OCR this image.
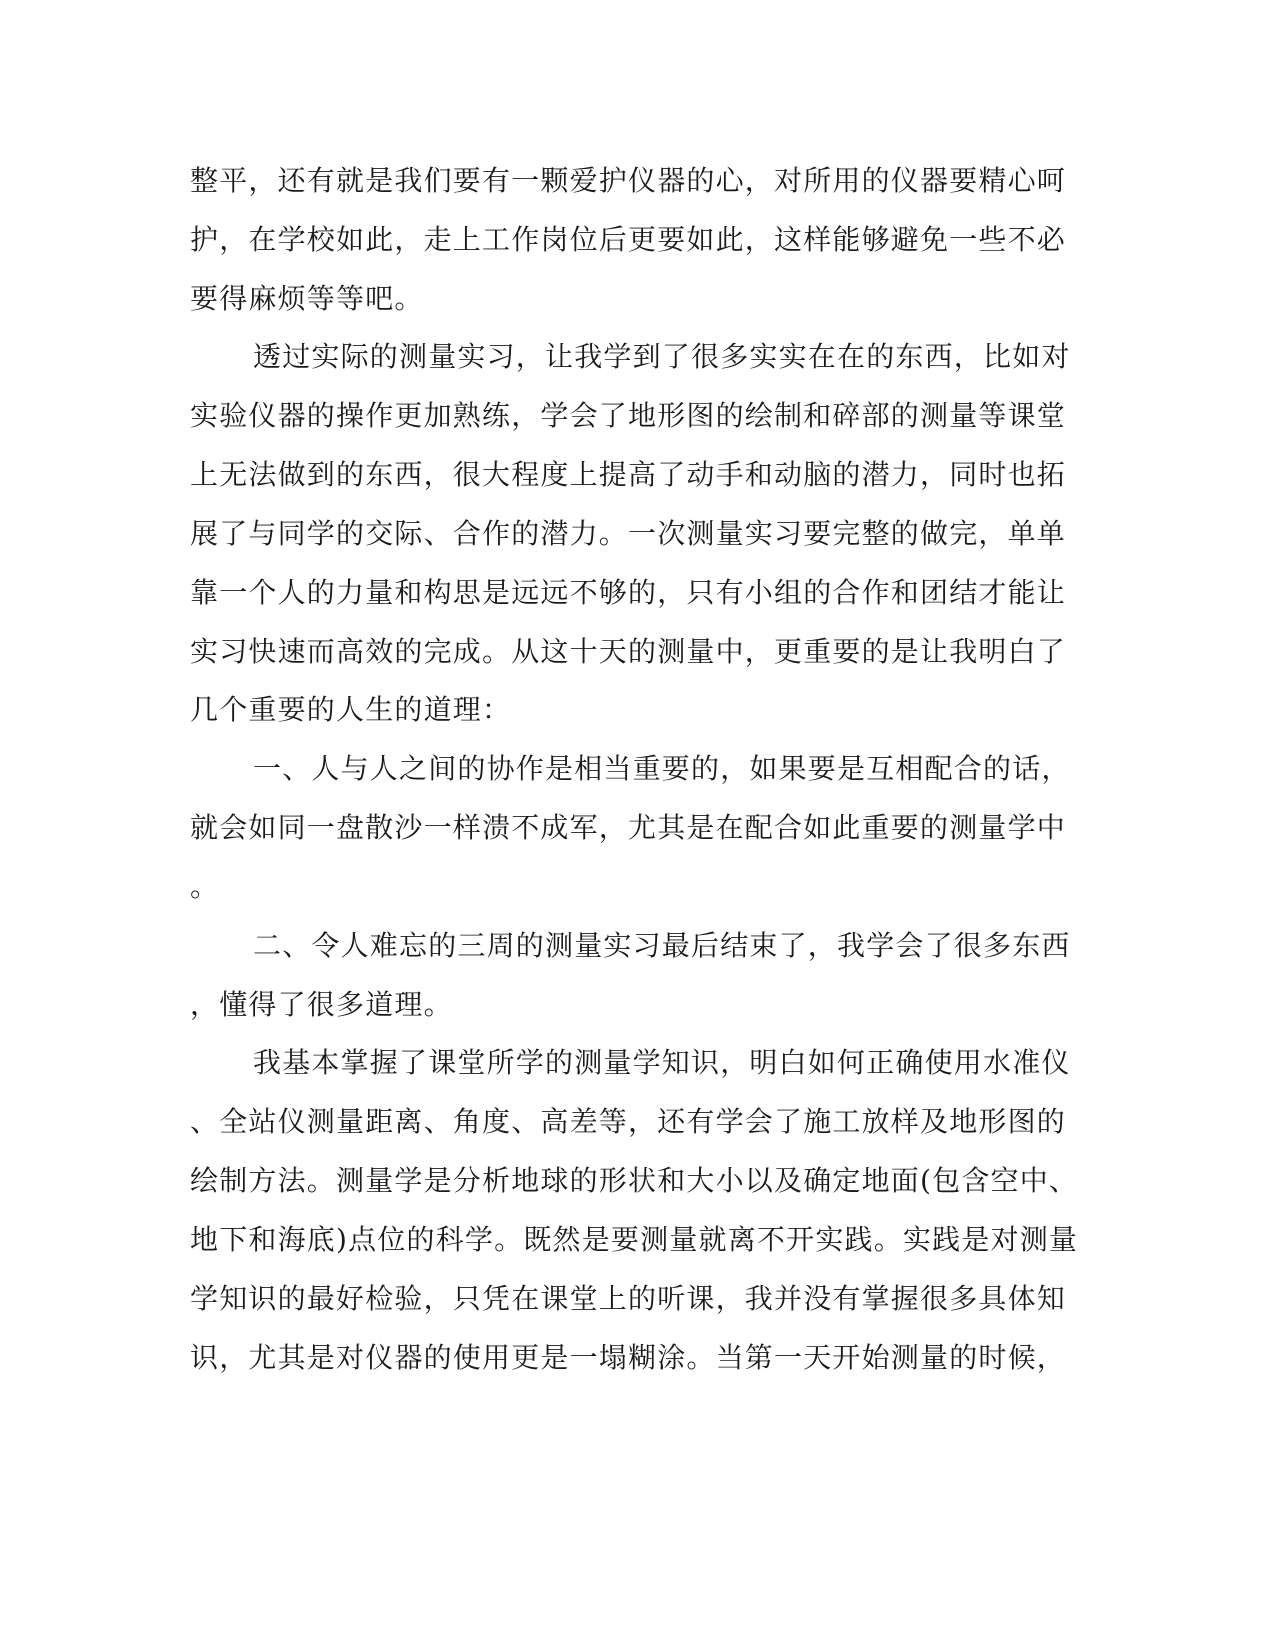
整平，还有就是我们要有一颗爱护仪器的心，对所用的仪器要精心呵
护，在学校如此，走上工作岗位后更要如此，这样能够避免一些不必
要得麻烦等等吧。
透过实际的测量实习，让我学到了很多实实在在的东西，比如对
实验仪器的操作更加熟练，学会了地形图的绘制和碎部的测量等课堂
上无法做到的东西，很大程度上提高了动手和动脑的潜力，同时也拓
展了与同学的交际、合作的潜力。一次测量实习要完整的做完，单单
靠一个人的力量和构思是远远不够的，只有小组的合作和团结才能让
实习快速而高效的完成。从这十天的测量中，更重要的是让我明白了
几个重要的人生的道理：
一、人与人之间的协作是相当重要的，如果要是互相配合的话，
就会如同一盘散沙一样溃不成军，尤其是在配合如此重要的测量学中
。
二、令人难忘的三周的测量实习最后结束了，我学会了很多东西
，懂得了很多道理。
我基本掌握了课堂所学的测量学知识，明白如何正确使用水准仪
、全站仪测量距离、角度、高差等，还有学会了施工放样及地形图的
绘制方法。测量学是分析地球的形状和大小以及确定地面(包含空中、
地下和海底)点位的科学。既然是要测量就离不开实践。实践是对测量
学知识的最好检验，只凭在课堂上的听课，我并没有掌握很多具体知
识，尤其是对仪器的使用更是一塌糊涂。当第一天开始测量的时候，
